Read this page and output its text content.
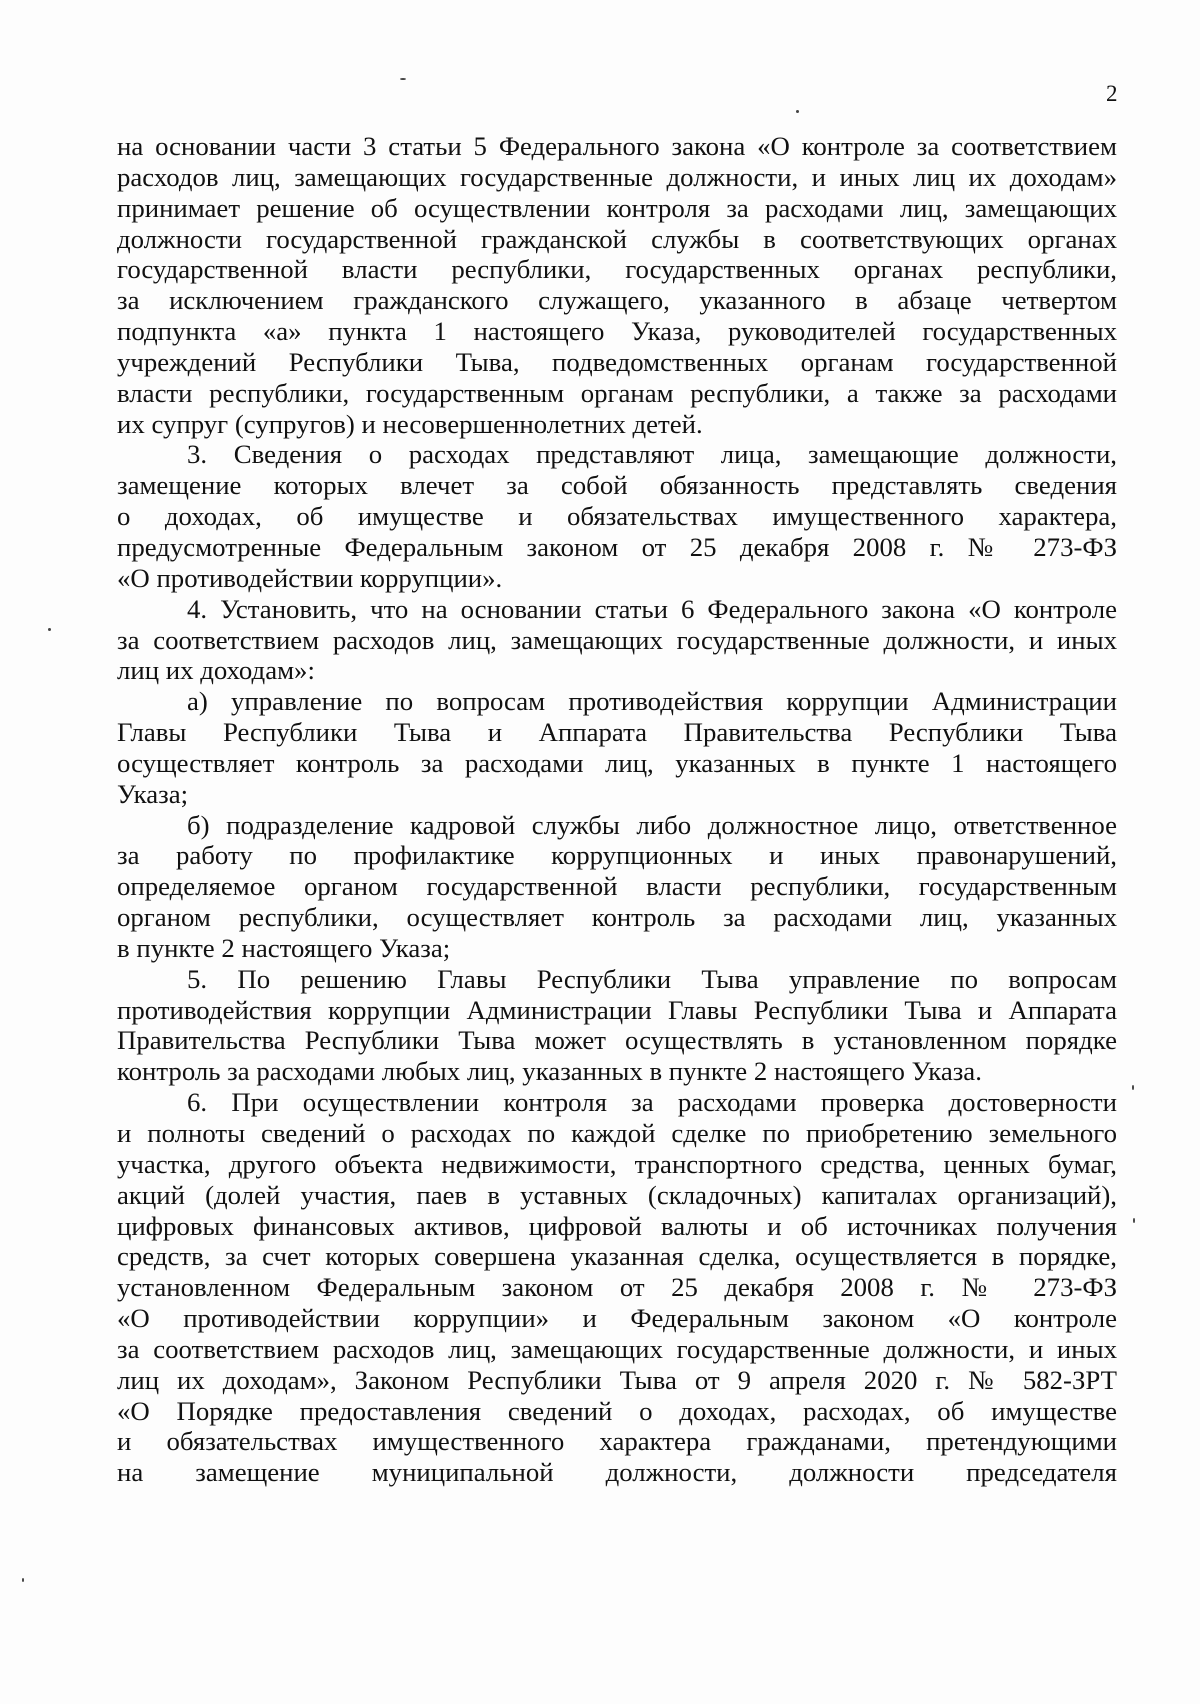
2

на основании части 3 статьи 5 Федерального закона «О контроле за соответствием
расходов лиц, замещающих государственные должности, и иных лиц их доходам»
принимает решение об осуществлении контроля за расходами лиц, замещающих
должности государственной гражданской службы в соответствующих органах
государственной власти республики, государственных органах республики,
за исключением гражданского служащего, указанного в абзаце четвертом
подпункта «а» пункта 1 настоящего Указа, руководителей государственных
учреждений Республики Тыва, подведомственных органам государственной
власти республики, государственным органам республики, а также за расходами
их супруг (супругов) и несовершеннолетних детей.

3. Сведения о расходах представляют лица, замещающие должности,
замещение которых влечет за собой обязанность представлять сведения
о доходах, об имуществе и обязательствах имущественного характера,
предусмотренные Федеральным законом от 25 декабря 2008 г. № 273-ФЗ
«О противодействии коррупции».

4. Установить, что на основании статьи 6 Федерального закона «О контроле
за соответствием расходов лиц, замещающих государственные должности, и иных
лиц их доходам»:

а) управление по вопросам противодействия коррупции Администрации
Главы Республики Тыва и Аппарата Правительства Республики Тыва
осуществляет контроль за расходами лиц, указанных в пункте 1 настоящего
Указа;

б) подразделение кадровой службы либо должностное лицо, ответственное
за работу по профилактике коррупционных и иных правонарушений,
определяемое органом государственной власти республики, государственным
органом республики, осуществляет контроль за расходами лиц, указанных
в пункте 2 настоящего Указа;

5. По решению Главы Республики Тыва управление по вопросам
противодействия коррупции Администрации Главы Республики Тыва и Аппарата
Правительства Республики Тыва может осуществлять в установленном порядке
контроль за расходами любых лиц, указанных в пункте 2 настоящего Указа.

6. При осуществлении контроля за расходами проверка достоверности
и полноты сведений о расходах по каждой сделке по приобретению земельного
участка, другого объекта недвижимости, транспортного средства, ценных бумаг,
акций (долей участия, паев в уставных (складочных) капиталах организаций),
цифровых финансовых активов, цифровой валюты и об источниках получения
средств, за счет которых совершена указанная сделка, осуществляется в порядке,
установленном Федеральным законом от 25 декабря 2008 г. № 273-ФЗ
«О противодействии коррупции» и Федеральным законом «О контроле
за соответствием расходов лиц, замещающих государственные должности, и иных
лиц их доходам», Законом Республики Тыва от 9 апреля 2020 г. № 582-ЗРТ
«О Порядке предоставления сведений о доходах, расходах, об имуществе
и обязательствах имущественного характера гражданами, претендующими
на замещение муниципальной должности, должности председателя
